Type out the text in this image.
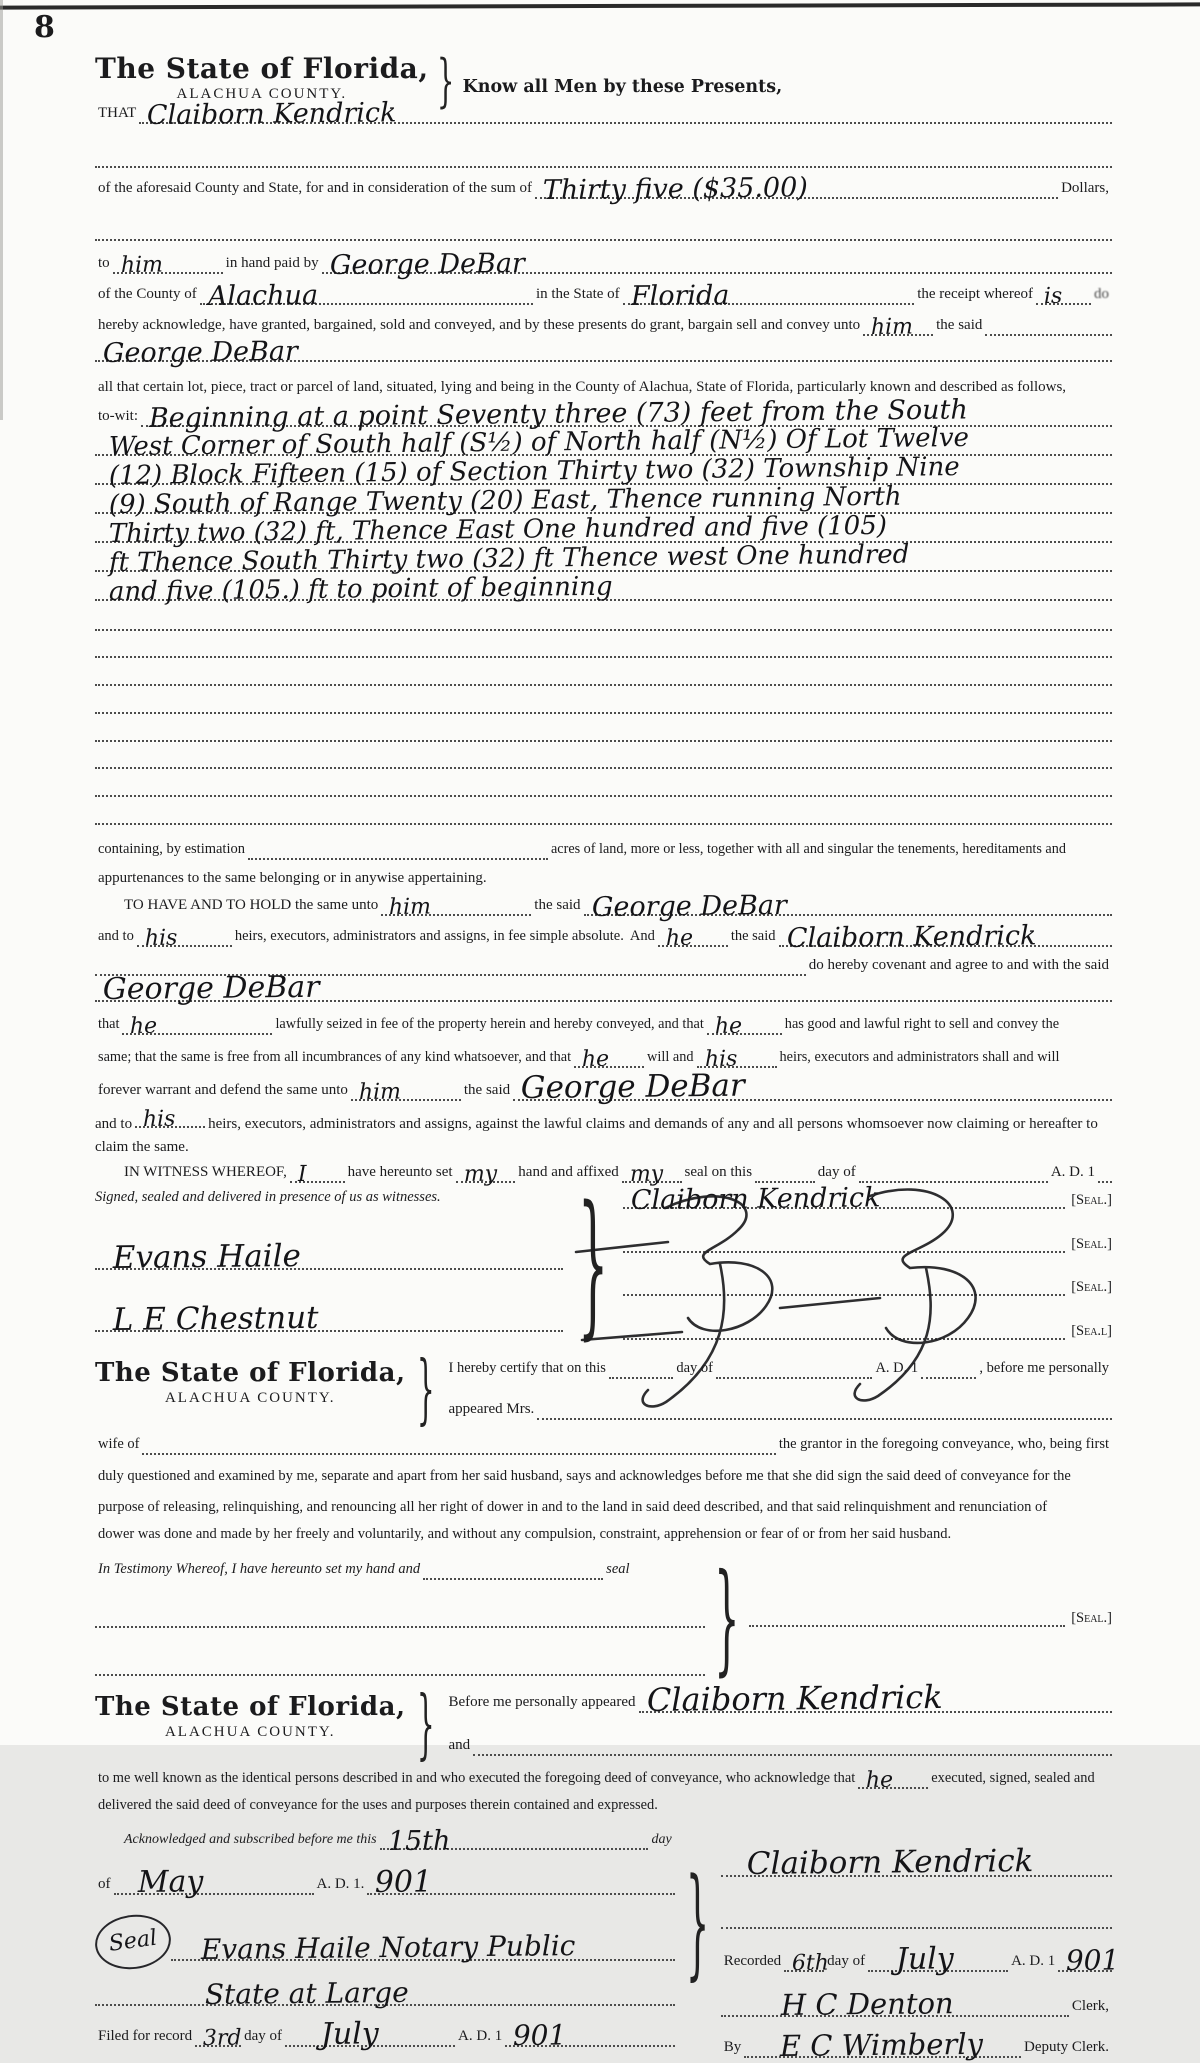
8
The State of Florida,
ALACHUA COUNTY.	} Know all Men by these Presents,
THAT Claiborn Kendrick
of the aforesaid County and State, for and in consideration of the sum of Thirty five ($35.00)	Dollars,
to him	in hand paid by George DeBar
of the County of Alachua	in the State of Florida	the receipt whereof is do
hereby acknowledge, have granted, bargained, sold and conveyed, and by these presents do grant, bargain sell and convey unto him the said
George DeBar
all that certain lot, piece, tract or parcel of land, situated, lying and being in the County of Alachua, State of Florida, particularly known and described as follows,
to-wit: Beginning at a point Seventy three (73) feet from the South
West Corner of South half (S½) of North half (N½) Of Lot Twelve
(12) Block Fifteen (15) of Section Thirty two (32) Township Nine
(9) South of Range Twenty (20) East, Thence running North
Thirty two (32) ft, Thence East One hundred and five (105)
ft Thence South Thirty two (32) ft Thence west One hundred
and five (105.) ft to point of beginning
containing, by estimation	acres of land, more or less, together with all and singular the tenements, hereditaments and
appurtenances to the same belonging or in anywise appertaining.
TO HAVE AND TO HOLD the same unto him	the said George DeBar
and to his	heirs, executors, administrators and assigns, in fee simple absolute. And he	the said Claiborn Kendrick
do hereby covenant and agree to and with the said
George DeBar
that he	lawfully seized in fee of the property herein and hereby conveyed, and that he	has good and lawful right to sell and convey the
same; that the same is free from all incumbrances of any kind whatsoever, and that he	will and his	heirs, executors and administrators shall and will
forever warrant and defend the same unto him	the said George DeBar
and to his heirs, executors, administrators and assigns, against the lawful claims and demands of any and all persons whomsoever now claiming or hereafter to
claim the same.
IN WITNESS WHEREOF, I	have hereunto set my hand and affixed my seal on this	day of	A. D. 1
Signed, sealed and delivered in presence of us as witnesses.
Evans Haile
L E Chestnut	} Claiborn Kendrick	[Seal.]
[Seal.]
[Seal.]
[Sea.l]
The State of Florida,
ALACHUA COUNTY.	} I hereby certify that on this	day of	A. D. 1	, before me personally
appeared Mrs.
wife of	the grantor in the foregoing conveyance, who, being first
duly questioned and examined by me, separate and apart from her said husband, says and acknowledges before me that she did sign the said deed of conveyance for the
purpose of releasing, relinquishing, and renouncing all her right of dower in and to the land in said deed described, and that said relinquishment and renunciation of
dower was done and made by her freely and voluntarily, and without any compulsion, constraint, apprehension or fear of or from her said husband.
In Testimony Whereof, I have hereunto set my hand and	seal }	[Seal.]
The State of Florida,
ALACHUA COUNTY.	} Before me personally appeared Claiborn Kendrick
and
to me well known as the identical persons described in and who executed the foregoing deed of conveyance, who acknowledge that he	executed, signed, sealed and
delivered the said deed of conveyance for the uses and purposes therein contained and expressed.
Acknowledged and subscribed before me this 15th	day
of May	A. D. 1. 901
Seal Evans Haile Notary Public
State at Large
Filed for record 3rd day of July	A. D. 1 901
} Claiborn Kendrick
Recorded 6th
day of July	A. D. 1 901
H C Denton	Clerk,
By E C Wimberly	Deputy Clerk.
